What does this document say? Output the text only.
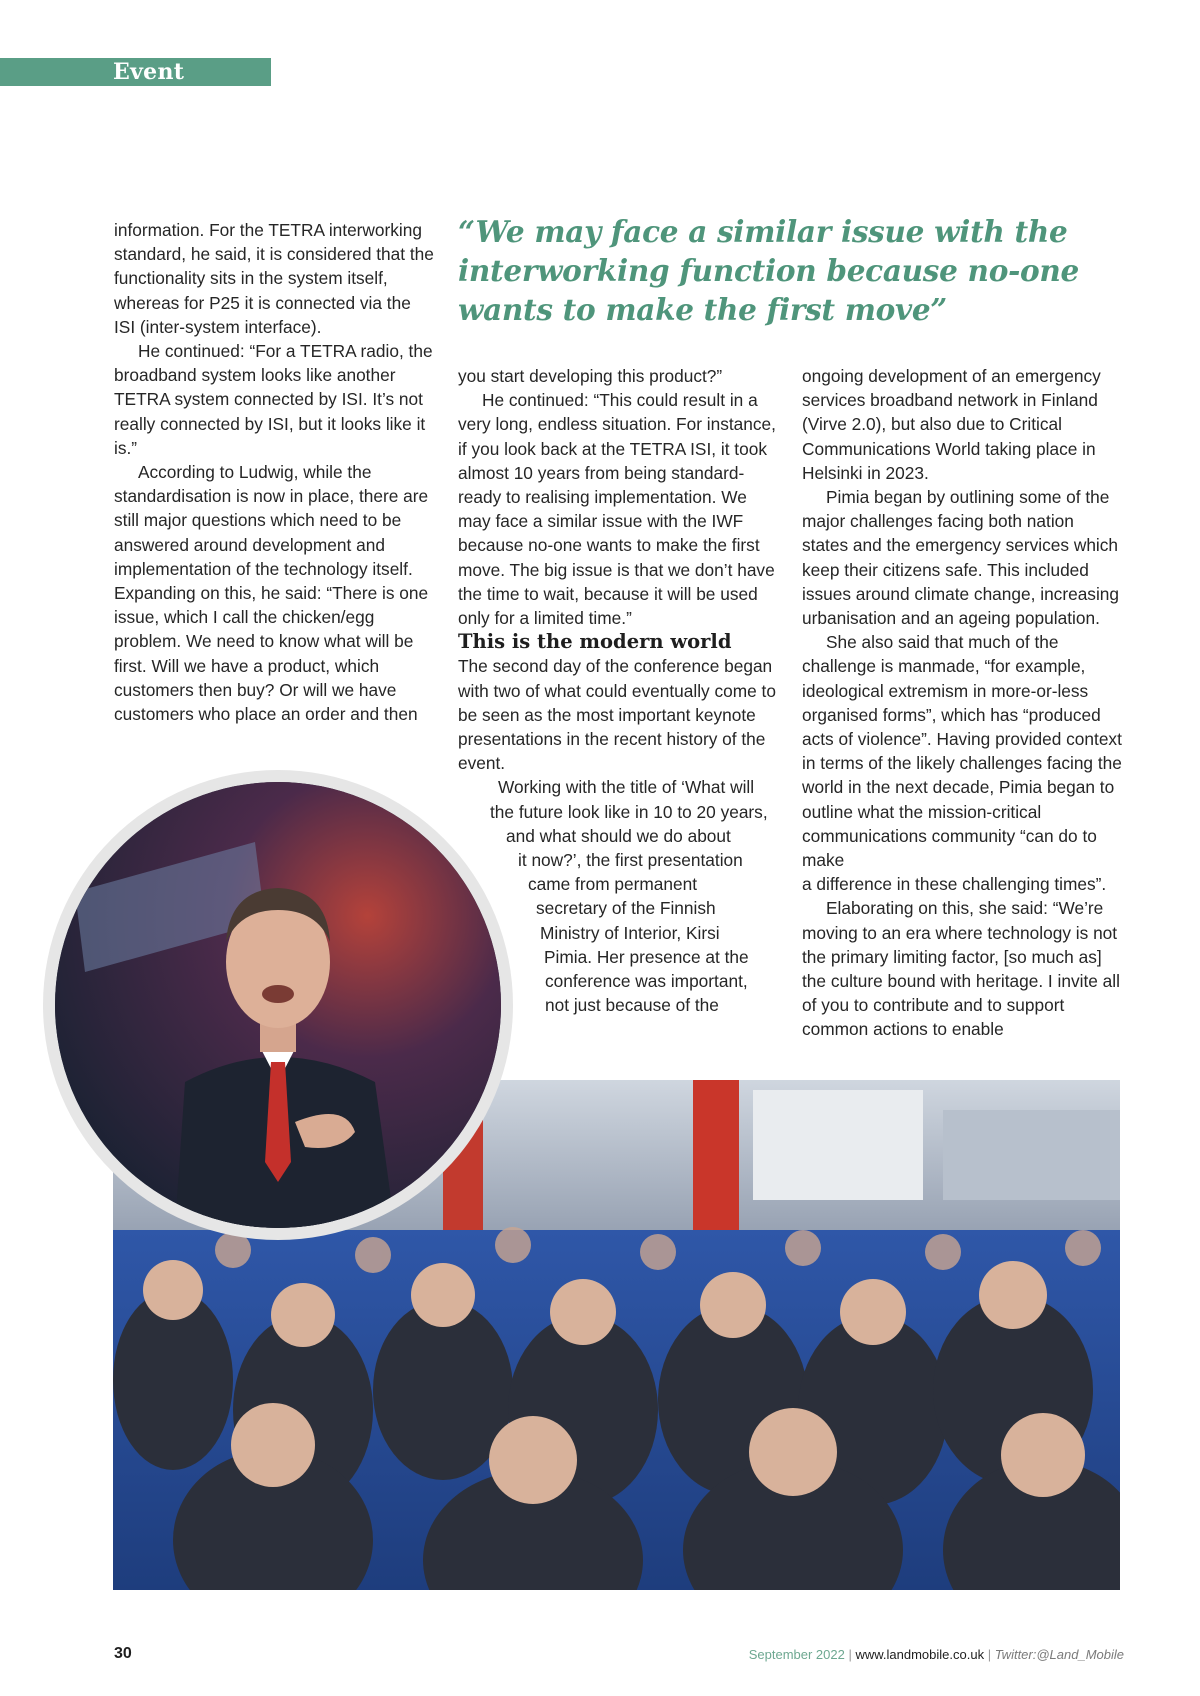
Event report

information. For the TETRA interworking standard, he said, it is considered that the functionality sits in the system itself, whereas for P25 it is connected via the ISI (inter-system interface).

He continued: “For a TETRA radio, the broadband system looks like another TETRA system connected by ISI. It’s not really connected by ISI, but it looks like it is.”

According to Ludwig, while the standardisation is now in place, there are still major questions which need to be answered around development and implementation of the technology itself. Expanding on this, he said: “There is one issue, which I call the chicken/egg problem. We need to know what will be first. Will we have a product, which customers then buy? Or will we have customers who place an order and then

“We may face a similar issue with the interworking function because no-one wants to make the first move”

you start developing this product?”

He continued: “This could result in a very long, endless situation. For instance, if you look back at the TETRA ISI, it took almost 10 years from being standard-ready to realising implementation. We may face a similar issue with the IWF because no-one wants to make the first move. The big issue is that we don’t have the time to wait, because it will be used only for a limited time.”

This is the modern world

The second day of the conference began with two of what could eventually come to be seen as the most important keynote presentations in the recent history of the event.

Working with the title of ‘What will
the future look like in 10 to 20 years,
and what should we do about
it now?’, the first presentation
came from permanent
secretary of the Finnish
Ministry of Interior, Kirsi
Pimia. Her presence at the
conference was important,
not just because of the

ongoing development of an emergency services broadband network in Finland (Virve 2.0), but also due to Critical Communications World taking place in Helsinki in 2023.

Pimia began by outlining some of the major challenges facing both nation states and the emergency services which keep their citizens safe. This included issues around climate change, increasing urbanisation and an ageing population.

She also said that much of the challenge is manmade, “for example, ideological extremism in more-or-less organised forms”, which has “produced acts of violence”. Having provided context in terms of the likely challenges facing the world in the next decade, Pimia began to outline what the mission-critical communications community “can do to make

a difference in these challenging times”.

Elaborating on this, she said: “We’re moving to an era where technology is not the primary limiting factor, [so much as] the culture bound with heritage. I invite all of you to contribute and to support common actions to enable

30	September 2022 | www.landmobile.co.uk | Twitter:@Land_Mobile
